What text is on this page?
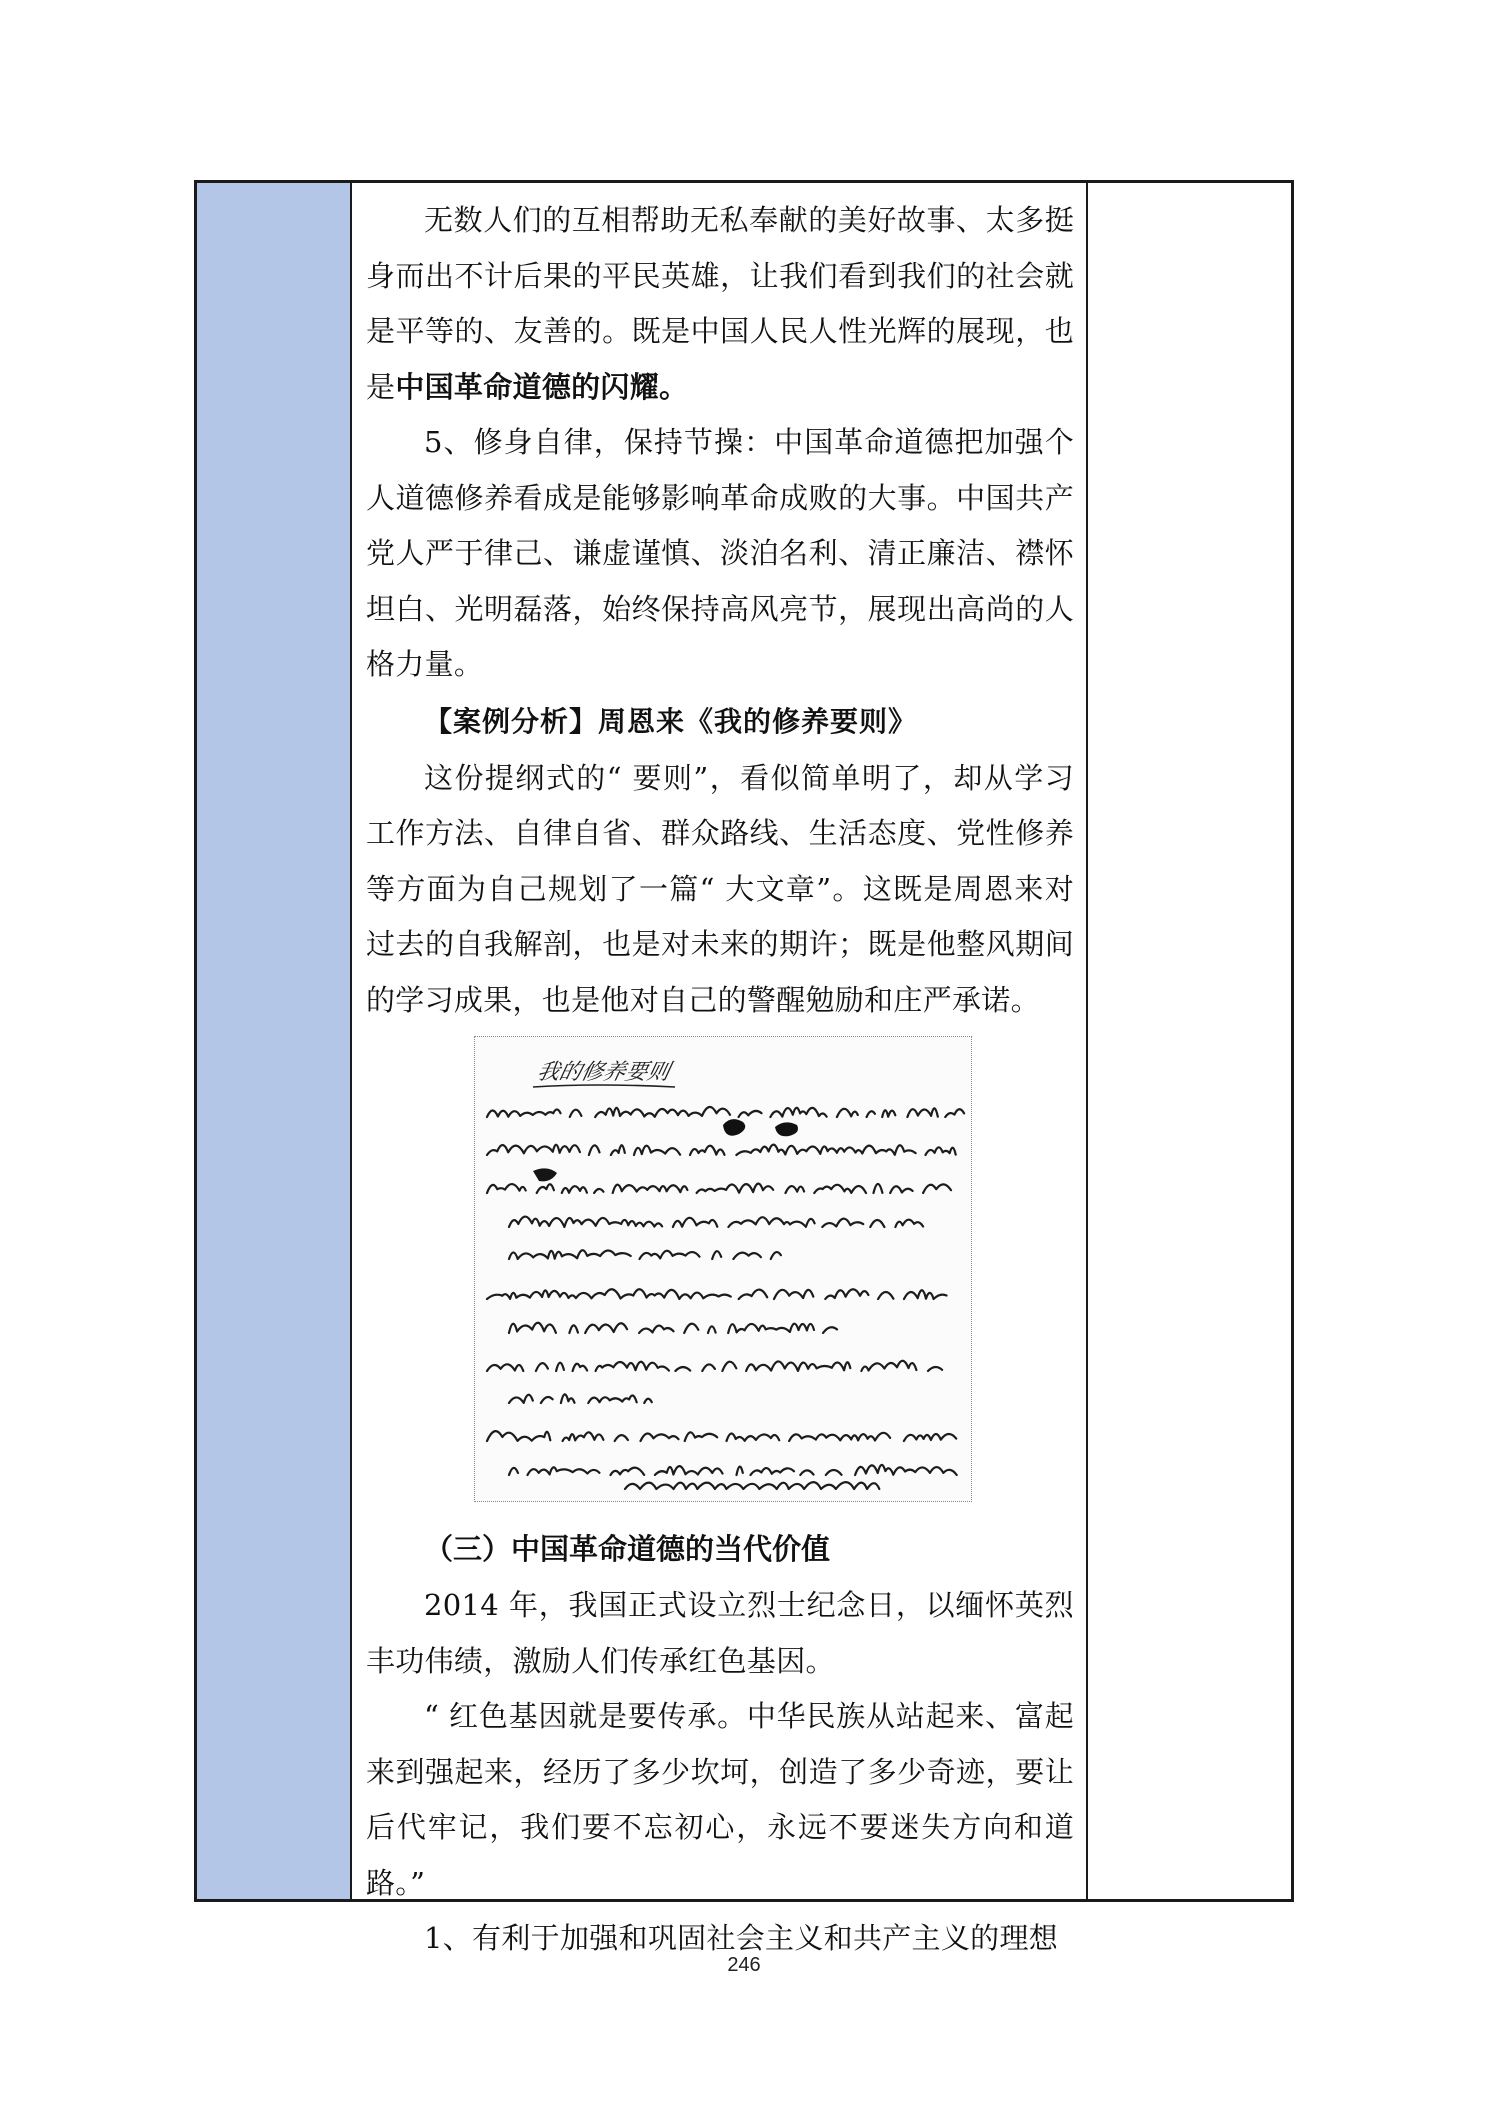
无数人们的互相帮助无私奉献的美好故事、太多挺身而出不计后果的平民英雄，让我们看到我们的社会就是平等的、友善的。既是中国人民人性光辉的展现，也是中国革命道德的闪耀。

5、修身自律，保持节操：中国革命道德把加强个人道德修养看成是能够影响革命成败的大事。中国共产党人严于律己、谦虚谨慎、淡泊名利、清正廉洁、襟怀坦白、光明磊落，始终保持高风亮节，展现出高尚的人格力量。

【案例分析】周恩来《我的修养要则》

这份提纲式的“ 要则”，看似简单明了，却从学习工作方法、自律自省、群众路线、生活态度、党性修养等方面为自己规划了一篇“ 大文章”。这既是周恩来对过去的自我解剖，也是对未来的期许；既是他整风期间的学习成果，也是他对自己的警醒勉励和庄严承诺。

我的修养要则

（三）中国革命道德的当代价值

2014 年，我国正式设立烈士纪念日，以缅怀英烈丰功伟绩，激励人们传承红色基因。

“ 红色基因就是要传承。中华民族从站起来、富起来到强起来，经历了多少坎坷，创造了多少奇迹，要让后代牢记，我们要不忘初心，永远不要迷失方向和道路。”

1、有利于加强和巩固社会主义和共产主义的理想

246
